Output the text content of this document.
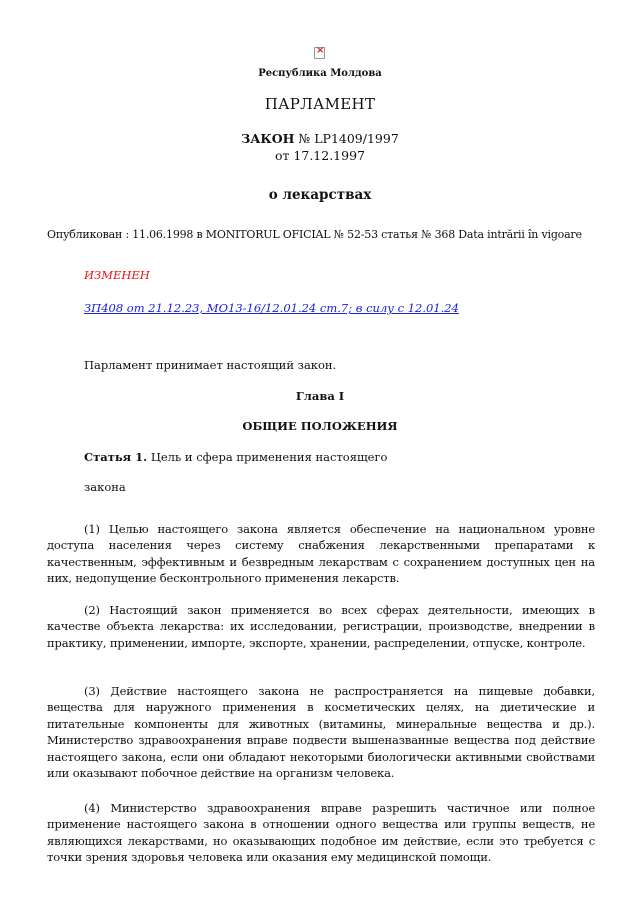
×
Республика Молдова
ПАРЛАМЕНТ
ЗАКОН № LP1409/1997
от 17.12.1997
о лекарствах
Опубликован : 11.06.1998 в MONITORUL OFICIAL № 52-53 статья № 368 Data intrării în vigoare
ИЗМЕНЕН
ЗП408 от 21.12.23, MO13-16/12.01.24 ст.7; в силу с 12.01.24
Парламент принимает настоящий закон.
Глава I
ОБЩИЕ ПОЛОЖЕНИЯ
Статья 1. Цель и сфера применения настоящего
закона

(1) Целью настоящего закона является обеспечение на национальном уровне доступа населения через систему снабжения лекарственными препаратами к качественным, эффективным и безвредным лекарствам с сохранением доступных цен на них, недопущение бесконтрольного применения лекарств.

(2) Настоящий закон применяется во всех сферах деятельности, имеющих в качестве объекта лекарства: их исследовании, регистрации, производстве, внедрении в практику, применении, импорте, экспорте, хранении, распределении, отпуске, контроле.

(3) Действие настоящего закона не распространяется на пищевые добавки, вещества для наружного применения в косметических целях, на диетические и питательные компоненты для животных (витамины, минеральные вещества и др.). Министерство здравоохранения вправе подвести вышеназванные вещества под действие настоящего закона, если они обладают некоторыми биологически активными свойствами или оказывают побочное действие на организм человека.

(4) Министерство здравоохранения вправе разрешить частичное или полное применение настоящего закона в отношении одного вещества или группы веществ, не являющихся лекарствами, но оказывающих подобное им действие, если это требуется с точки зрения здоровья человека или оказания ему медицинской помощи.
